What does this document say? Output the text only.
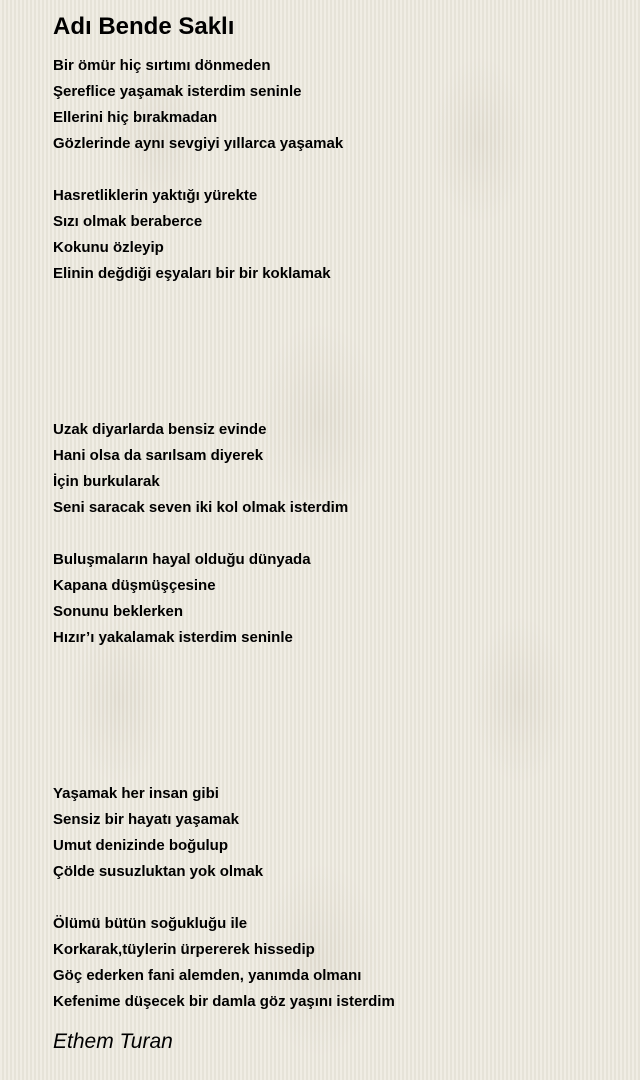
Adı Bende Saklı
Bir ömür hiç sırtımı dönmeden
Şereflice yaşamak isterdim seninle
Ellerini hiç bırakmadan
Gözlerinde aynı sevgiyi yıllarca yaşamak
Hasretliklerin yaktığı yürekte
Sızı olmak beraberce
Kokunu özleyip
Elinin değdiği eşyaları bir bir koklamak
Uzak diyarlarda bensiz evinde
Hani olsa da sarılsam diyerek
İçin burkularak
Seni saracak seven iki kol olmak isterdim
Buluşmaların hayal olduğu dünyada
Kapana düşmüşçesine
Sonunu beklerken
Hızır’ı yakalamak isterdim seninle
Yaşamak her insan gibi
Sensiz bir hayatı yaşamak
Umut denizinde boğulup
Çölde susuzluktan yok olmak
Ölümü bütün soğukluğu ile
Korkarak,tüylerin ürpererek hissedip
Göç ederken fani alemden, yanımda olmanı
Kefenime düşecek bir damla göz yaşını isterdim
Ethem Turan
